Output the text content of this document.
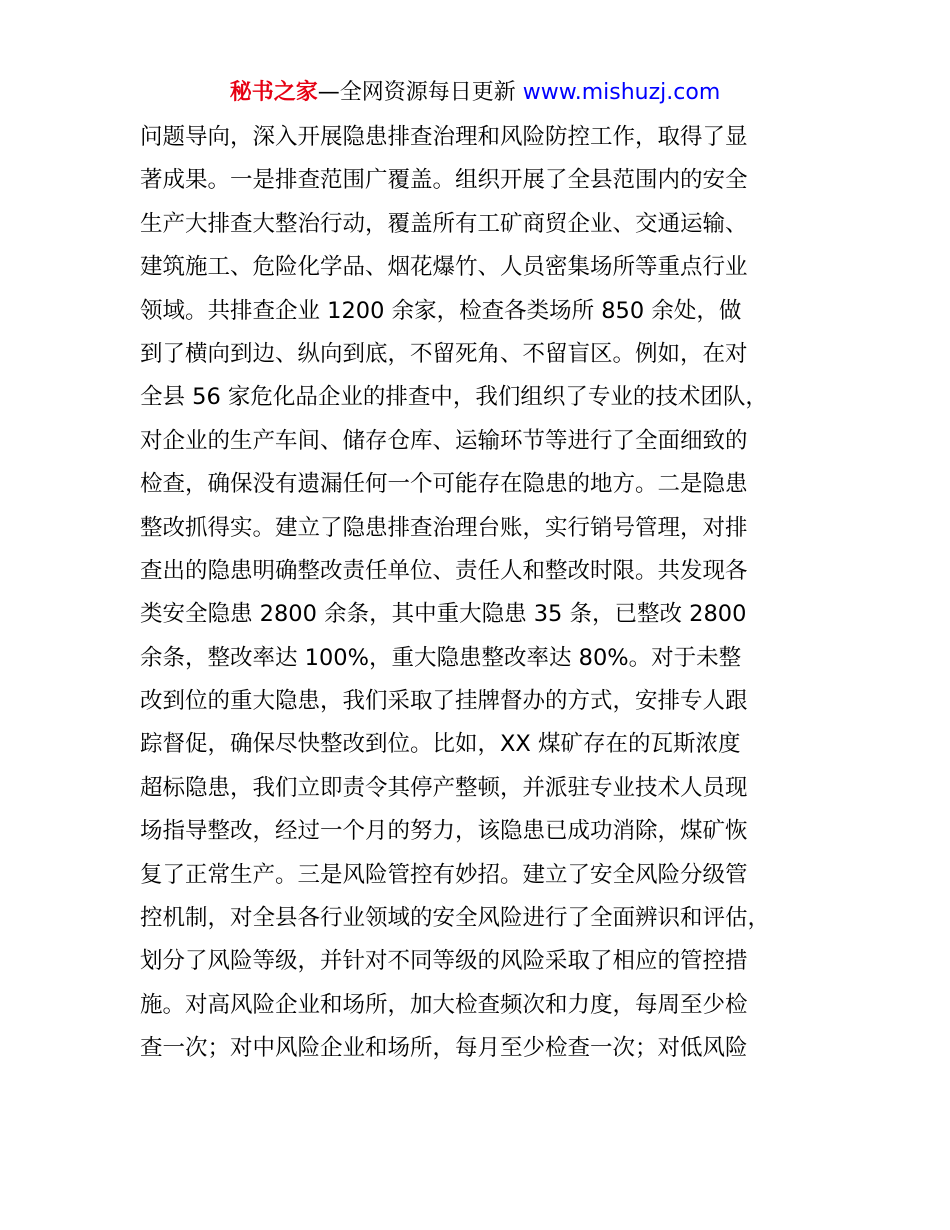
秘书之家—全网资源每日更新 www.mishuzj.com
问题导向，深入开展隐患排查治理和风险防控工作，取得了显
著成果。一是排查范围广覆盖。组织开展了全县范围内的安全
生产大排查大整治行动，覆盖所有工矿商贸企业、交通运输、
建筑施工、危险化学品、烟花爆竹、人员密集场所等重点行业
领域。共排查企业 1200 余家，检查各类场所 850 余处，做
到了横向到边、纵向到底，不留死角、不留盲区。例如，在对
全县 56 家危化品企业的排查中，我们组织了专业的技术团队，
对企业的生产车间、储存仓库、运输环节等进行了全面细致的
检查，确保没有遗漏任何一个可能存在隐患的地方。二是隐患
整改抓得实。建立了隐患排查治理台账，实行销号管理，对排
查出的隐患明确整改责任单位、责任人和整改时限。共发现各
类安全隐患 2800 余条，其中重大隐患 35 条，已整改 2800
余条，整改率达 100%，重大隐患整改率达 80%。对于未整
改到位的重大隐患，我们采取了挂牌督办的方式，安排专人跟
踪督促，确保尽快整改到位。比如，XX 煤矿存在的瓦斯浓度
超标隐患，我们立即责令其停产整顿，并派驻专业技术人员现
场指导整改，经过一个月的努力，该隐患已成功消除，煤矿恢
复了正常生产。三是风险管控有妙招。建立了安全风险分级管
控机制，对全县各行业领域的安全风险进行了全面辨识和评估，
划分了风险等级，并针对不同等级的风险采取了相应的管控措
施。对高风险企业和场所，加大检查频次和力度，每周至少检
查一次；对中风险企业和场所，每月至少检查一次；对低风险
